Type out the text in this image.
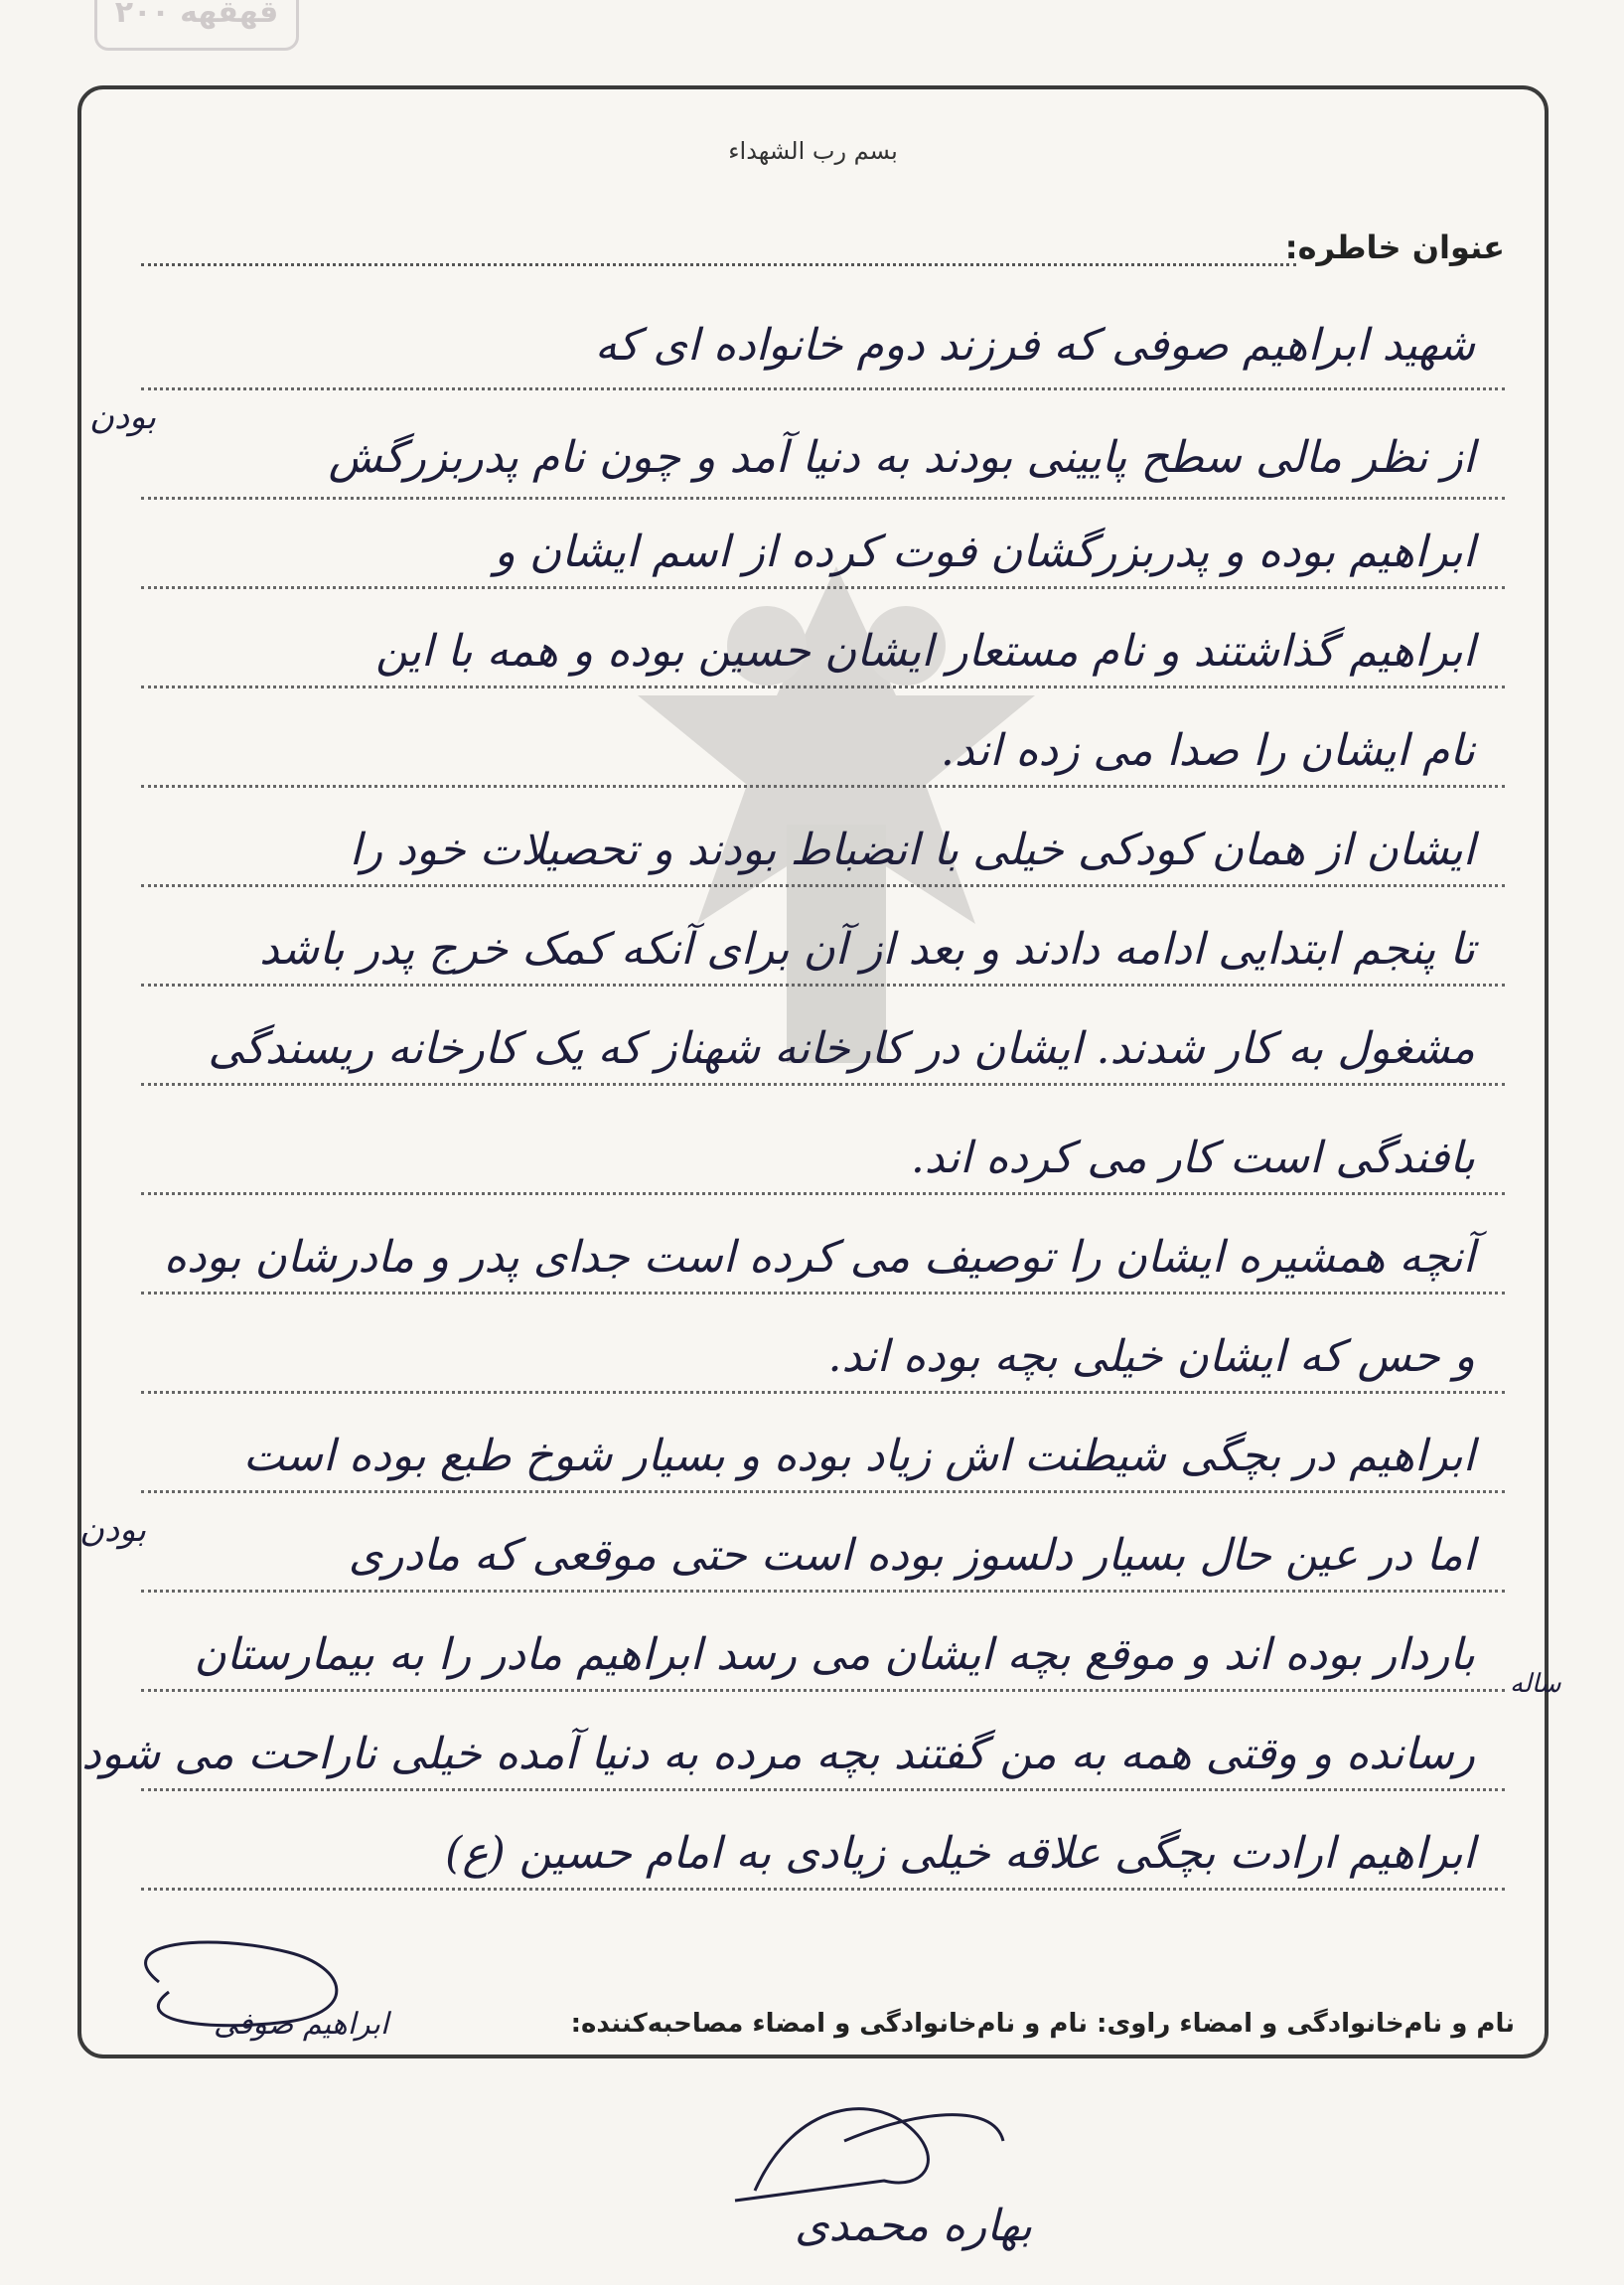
۲۰۰ قهقهه
بسم رب الشهداء
عنوان خاطره:
شهید ابراهیم صوفی که فرزند دوم خانواده ای که
از نظر مالی سطح پایینی بودند به دنیا آمد و چون نام پدربزرگش
ابراهیم بوده و پدربزرگشان فوت کرده از اسم ایشان و
ابراهیم گذاشتند و نام مستعار ایشان حسین بوده و همه با این
نام ایشان را صدا می زده اند.
ایشان از همان کودکی خیلی با انضباط بودند و تحصیلات خود را
تا پنجم ابتدایی ادامه دادند و بعد از آن برای آنکه کمک خرج پدر باشد
مشغول به کار شدند. ایشان در کارخانه شهناز که یک کارخانه ریسندگی
بافندگی است کار می کرده اند.
آنچه همشیره ایشان را توصیف می کرده است جدای پدر و مادرشان بوده
و حس که ایشان خیلی بچه بوده اند.
ابراهیم در بچگی شیطنت اش زیاد بوده و بسیار شوخ طبع بوده است
اما در عین حال بسیار دلسوز بوده است حتی موقعی که مادری
باردار بوده اند و موقع بچه ایشان می رسد ابراهیم مادر را به بیمارستان
رسانده و وقتی همه به من گفتند بچه مرده به دنیا آمده خیلی ناراحت می شود
ابراهیم ارادت بچگی علاقه خیلی زیادی به امام حسین (ع)
نام و نام‌خانوادگی و امضاء راوی: نام و نام‌خانوادگی و امضاء مصاحبه‌کننده:
بودن
بودن
ساله
ابراهیم صوفی
بهاره محمدی
